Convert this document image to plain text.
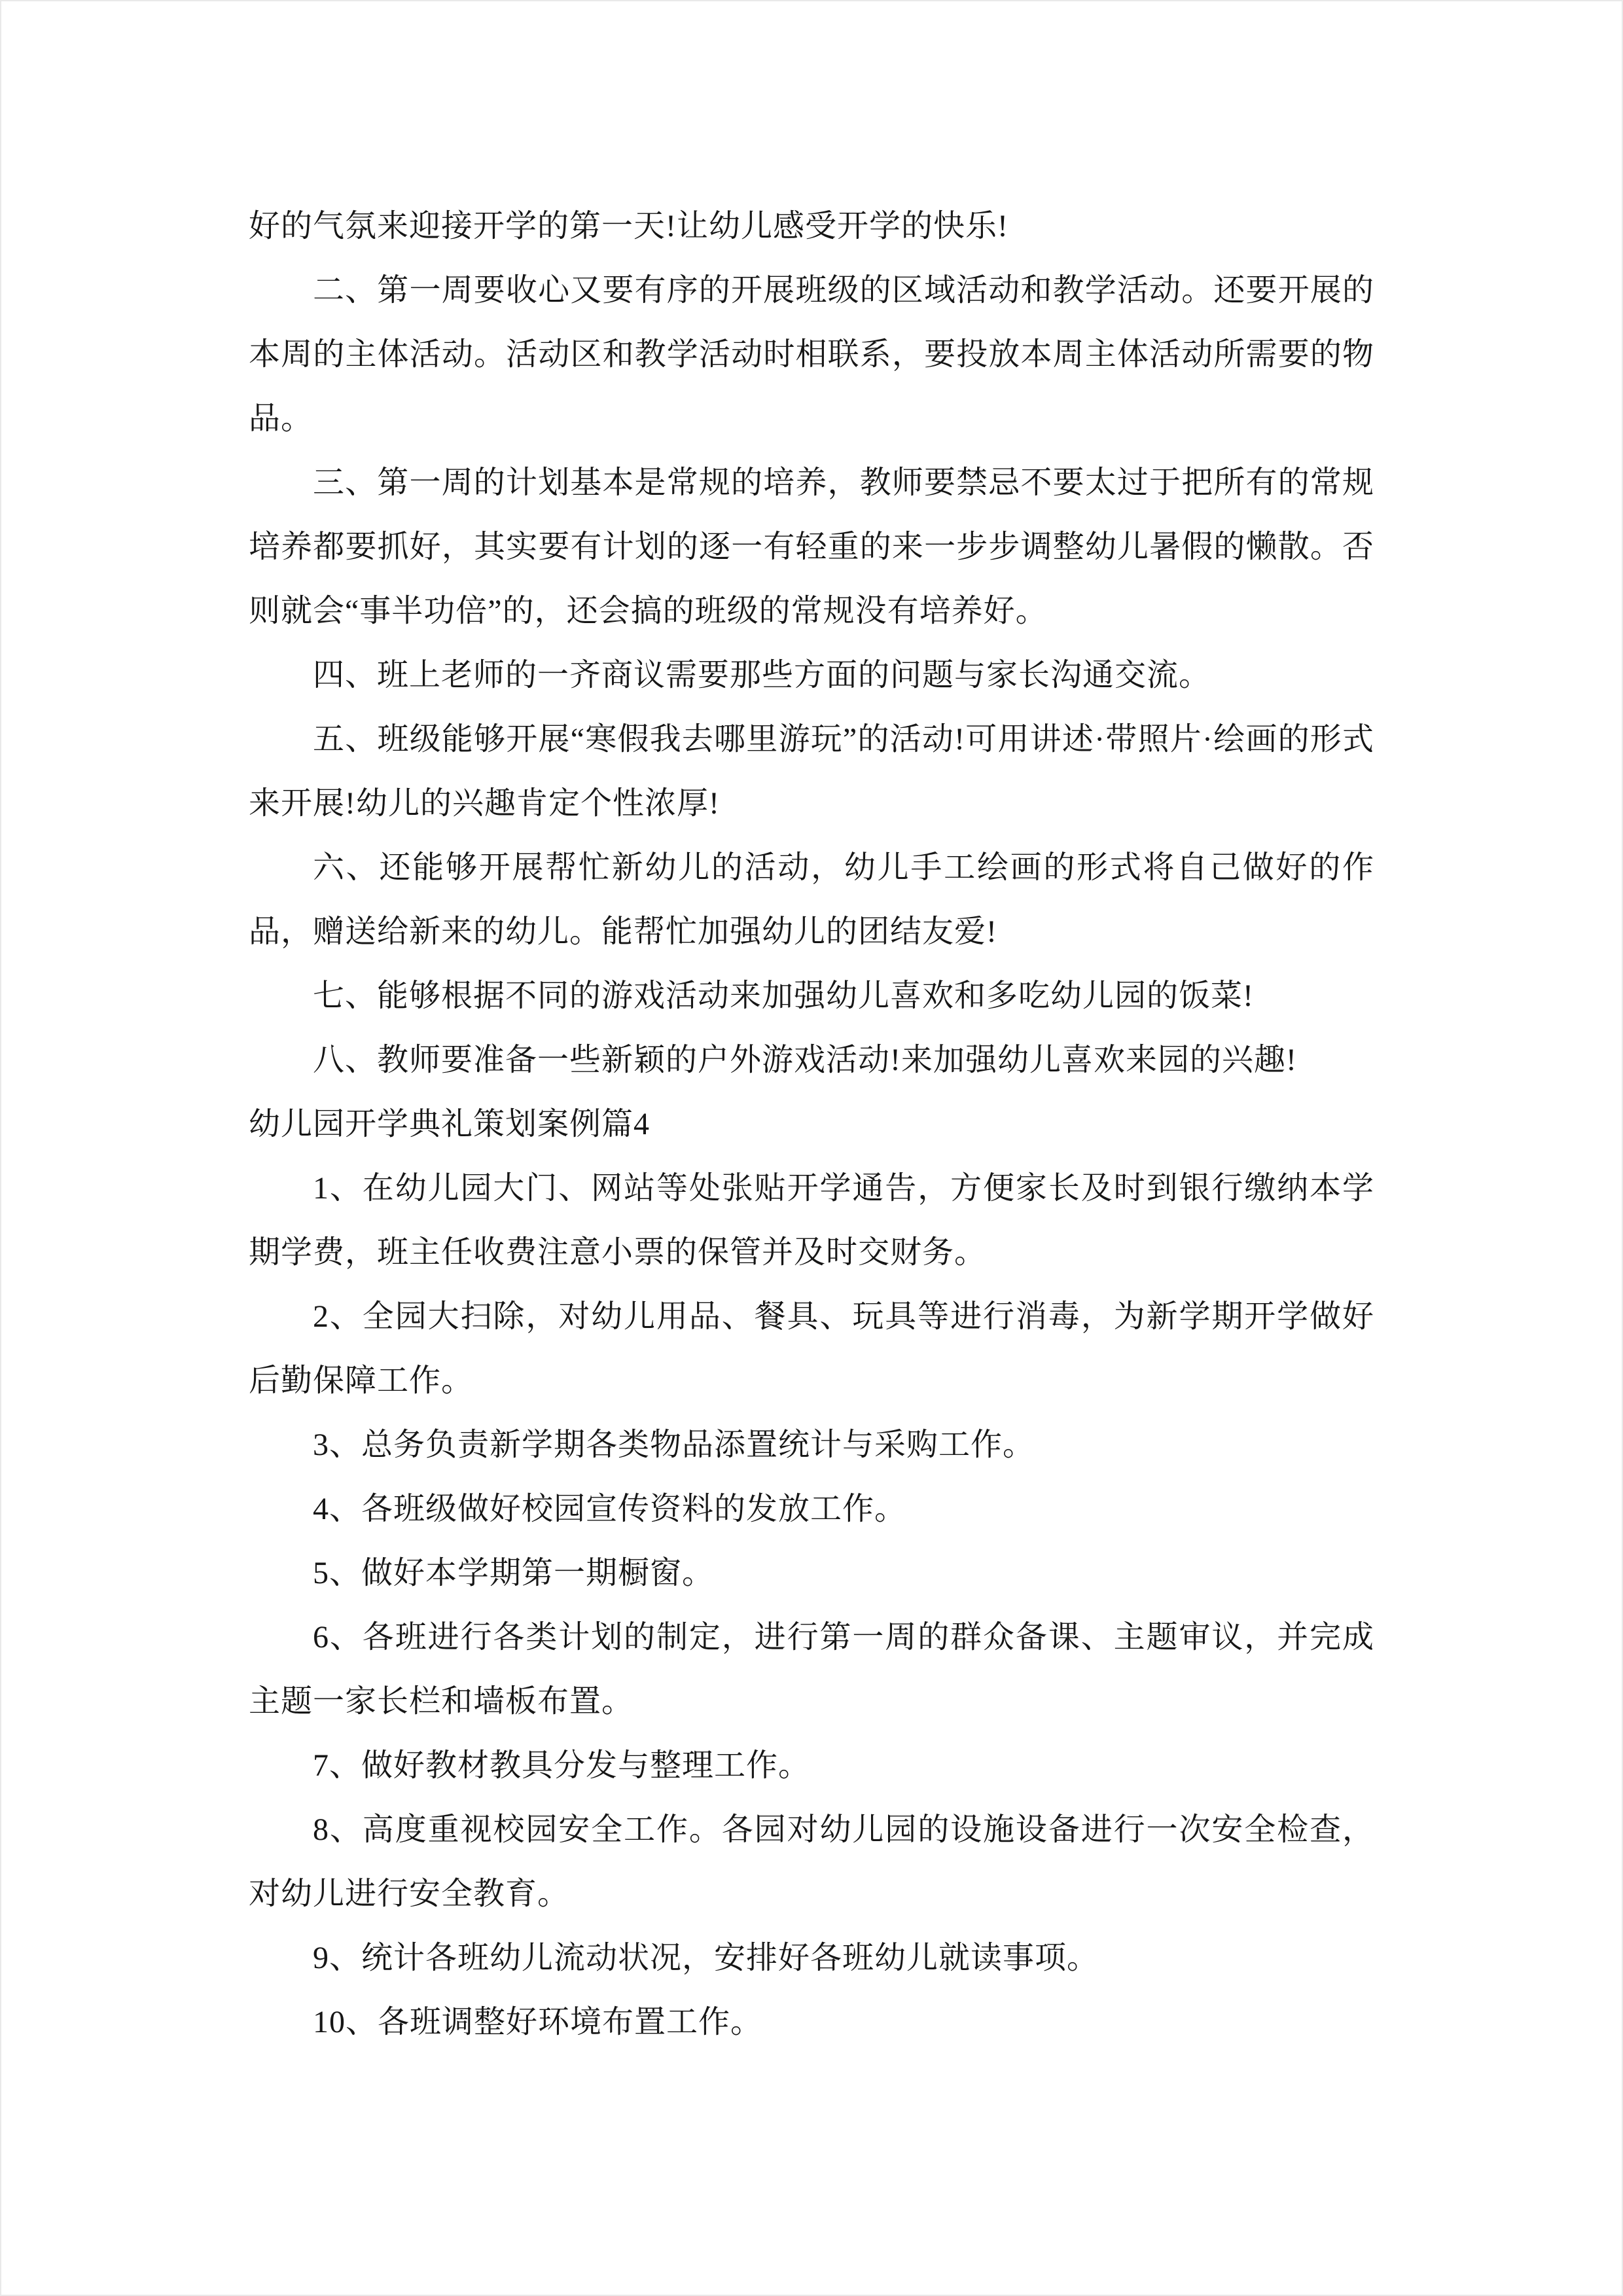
好的气氛来迎接开学的第一天!让幼儿感受开学的快乐!

二、第一周要收心又要有序的开展班级的区域活动和教学活动。还要开展的本周的主体活动。活动区和教学活动时相联系，要投放本周主体活动所需要的物品。

三、第一周的计划基本是常规的培养，教师要禁忌不要太过于把所有的常规培养都要抓好，其实要有计划的逐一有轻重的来一步步调整幼儿暑假的懒散。否则就会“事半功倍”的，还会搞的班级的常规没有培养好。

四、班上老师的一齐商议需要那些方面的问题与家长沟通交流。

五、班级能够开展“寒假我去哪里游玩”的活动!可用讲述·带照片·绘画的形式来开展!幼儿的兴趣肯定个性浓厚!

六、还能够开展帮忙新幼儿的活动，幼儿手工绘画的形式将自己做好的作品，赠送给新来的幼儿。能帮忙加强幼儿的团结友爱!

七、能够根据不同的游戏活动来加强幼儿喜欢和多吃幼儿园的饭菜!

八、教师要准备一些新颖的户外游戏活动!来加强幼儿喜欢来园的兴趣!

幼儿园开学典礼策划案例篇4

1、在幼儿园大门、网站等处张贴开学通告，方便家长及时到银行缴纳本学期学费，班主任收费注意小票的保管并及时交财务。

2、全园大扫除，对幼儿用品、餐具、玩具等进行消毒，为新学期开学做好后勤保障工作。

3、总务负责新学期各类物品添置统计与采购工作。

4、各班级做好校园宣传资料的发放工作。

5、做好本学期第一期橱窗。

6、各班进行各类计划的制定，进行第一周的群众备课、主题审议，并完成主题一家长栏和墙板布置。

7、做好教材教具分发与整理工作。

8、高度重视校园安全工作。各园对幼儿园的设施设备进行一次安全检查，对幼儿进行安全教育。

9、统计各班幼儿流动状况，安排好各班幼儿就读事项。

10、各班调整好环境布置工作。
